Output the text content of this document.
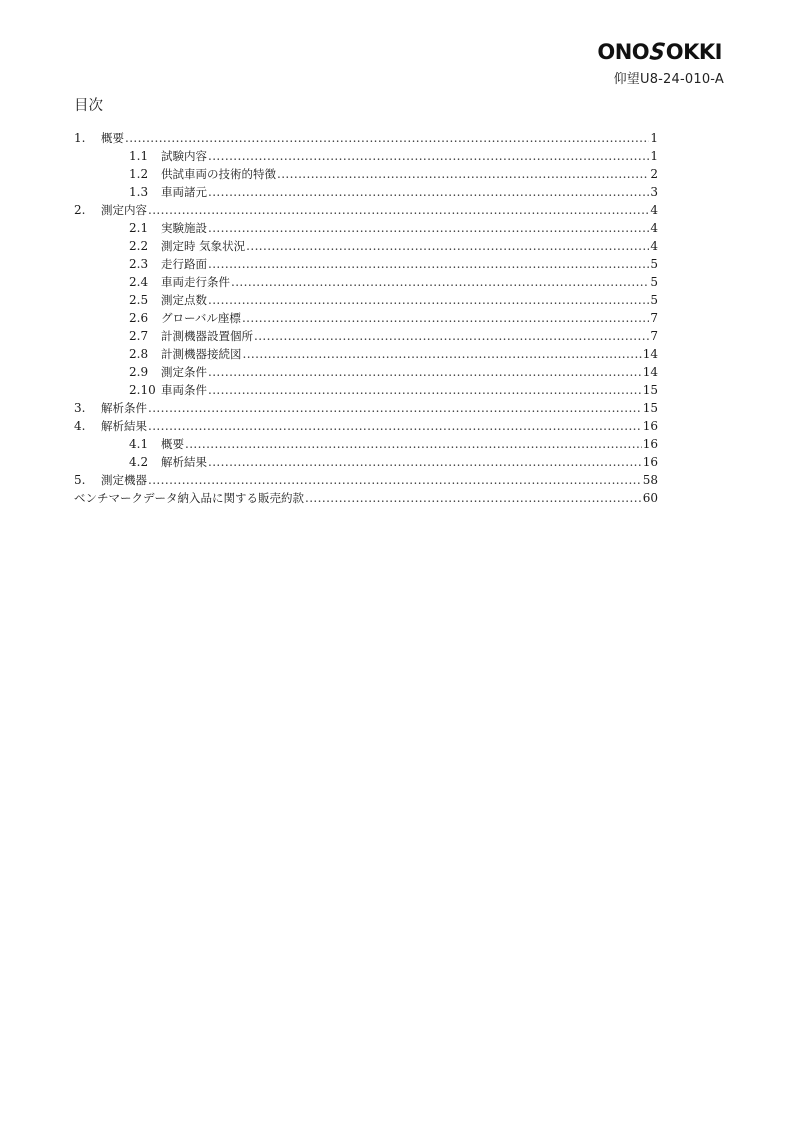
ONO S OKKI
仰望U8-24-010-A
目次
1.	概要 .....	1
1.1	試験内容 .....	1
1.2	供試車両の技術的特徴 .....	2
1.3	車両諸元 .....	3
2.	測定内容 .....	4
2.1	実験施設 .....	4
2.2	測定時 気象状況 .....	4
2.3	走行路面 .....	5
2.4	車両走行条件 .....	5
2.5	測定点数 .....	5
2.6	グローバル座標 .....	7
2.7	計測機器設置個所 .....	7
2.8	計測機器接続図 .....	14
2.9	測定条件 .....	14
2.10 車両条件 .....	15
3.	解析条件 .....	15
4.	解析結果 .....	16
4.1	概要 .....	16
4.2	解析結果 .....	16
5.	測定機器 .....	58
ベンチマークデータ納入品に関する販売約款 .....	60
